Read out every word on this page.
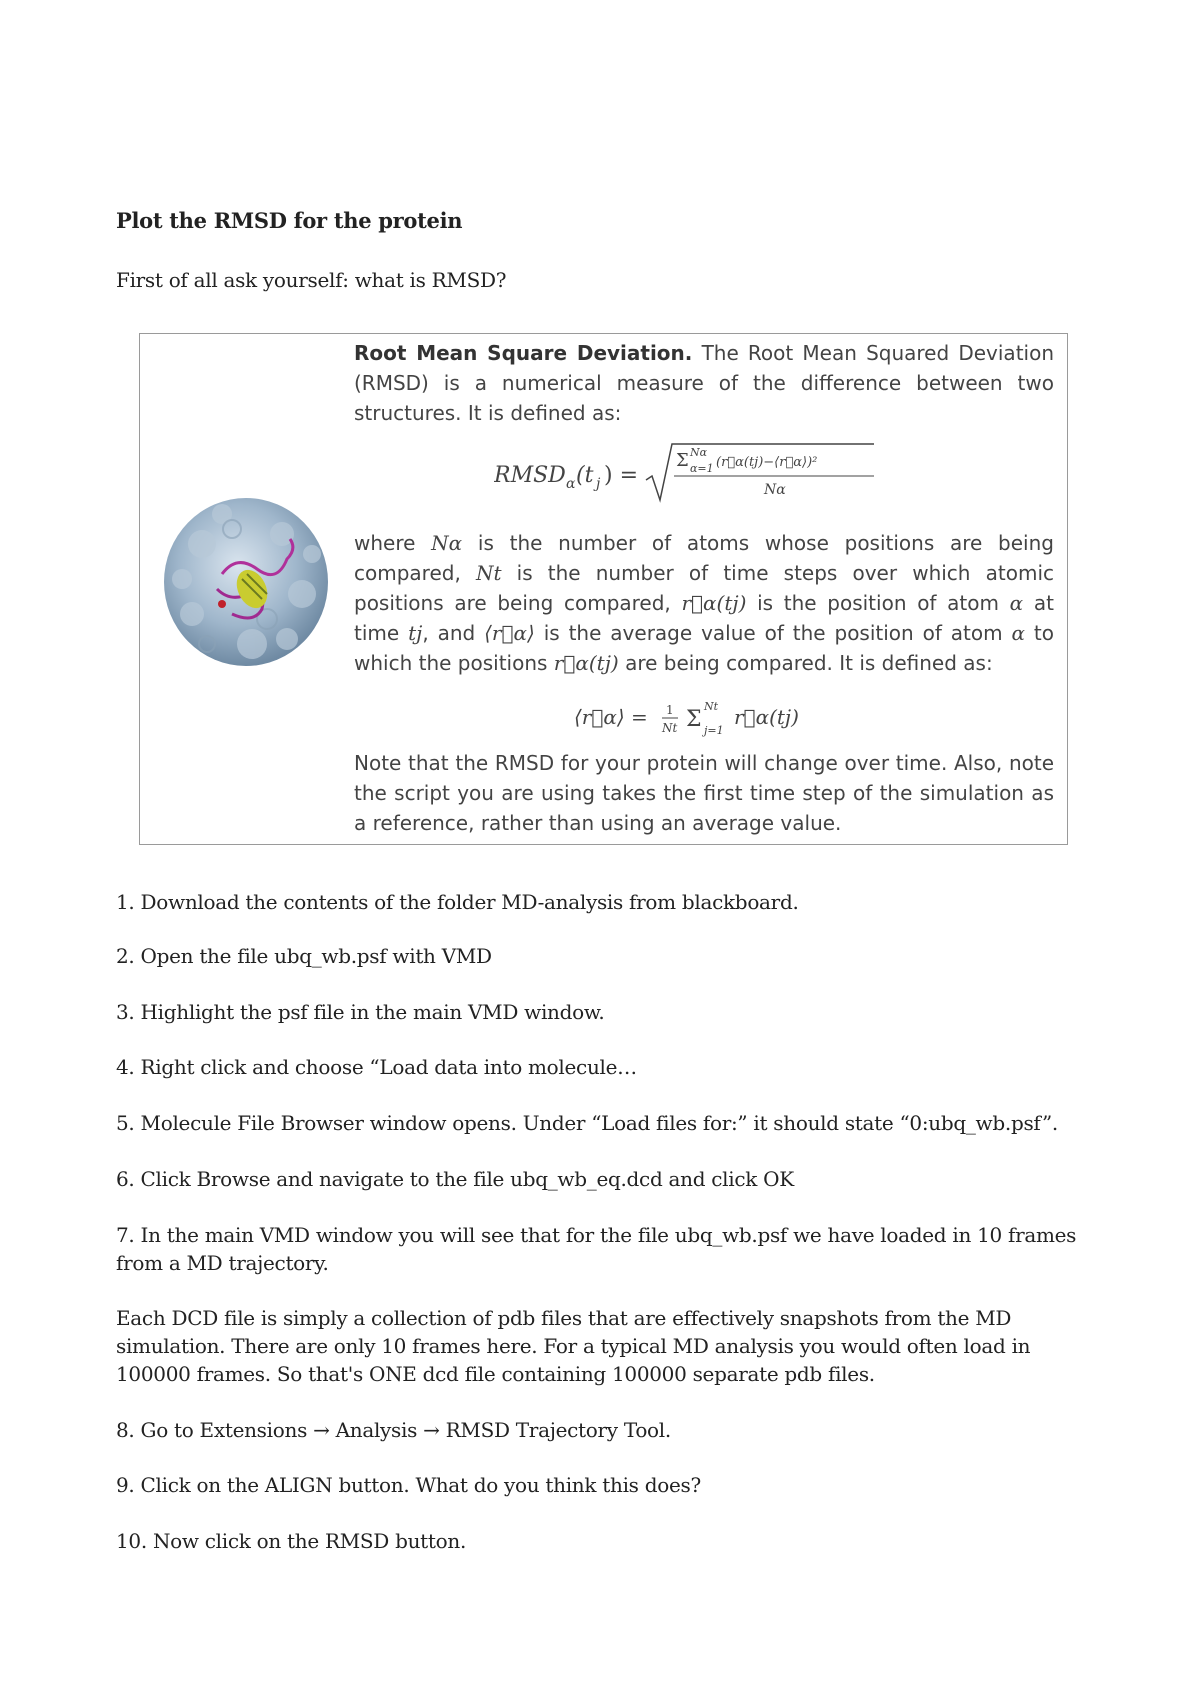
Plot the RMSD for the protein
First of all ask yourself: what is RMSD?
Root Mean Square Deviation. The Root Mean Squared Deviation (RMSD) is a numerical measure of the difference between two structures. It is defined as:
RMSD α (t j ) =
Σ Nα
α=1 (r⃗α(tj)−⟨r⃗α⟩)²
Nα
where Nα is the number of atoms whose positions are being compared, Nt is the number of time steps over which atomic positions are being compared, r⃗α(tj) is the position of atom α at time tj, and ⟨r⃗α⟩ is the average value of the position of atom α to which the positions r⃗α(tj) are being compared. It is defined as:
⟨r⃗α⟩ = 1
Nt Σ
Nt
j=1
r⃗α(tj)
Note that the RMSD for your protein will change over time. Also, note the script you are using takes the first time step of the simulation as a reference, rather than using an average value.
1. Download the contents of the folder MD-analysis from blackboard.
2. Open the file ubq_wb.psf with VMD
3. Highlight the psf file in the main VMD window.
4. Right click and choose “Load data into molecule…
5. Molecule File Browser window opens. Under “Load files for:” it should state “0:ubq_wb.psf”.
6. Click Browse and navigate to the file ubq_wb_eq.dcd and click OK
7. In the main VMD window you will see that for the file ubq_wb.psf we have loaded in 10 frames from a MD trajectory.
Each DCD file is simply a collection of pdb files that are effectively snapshots from the MD simulation. There are only 10 frames here. For a typical MD analysis you would often load in 100000 frames. So that's ONE dcd file containing 100000 separate pdb files.
8. Go to Extensions → Analysis → RMSD Trajectory Tool.
9. Click on the ALIGN button. What do you think this does?
10. Now click on the RMSD button.
